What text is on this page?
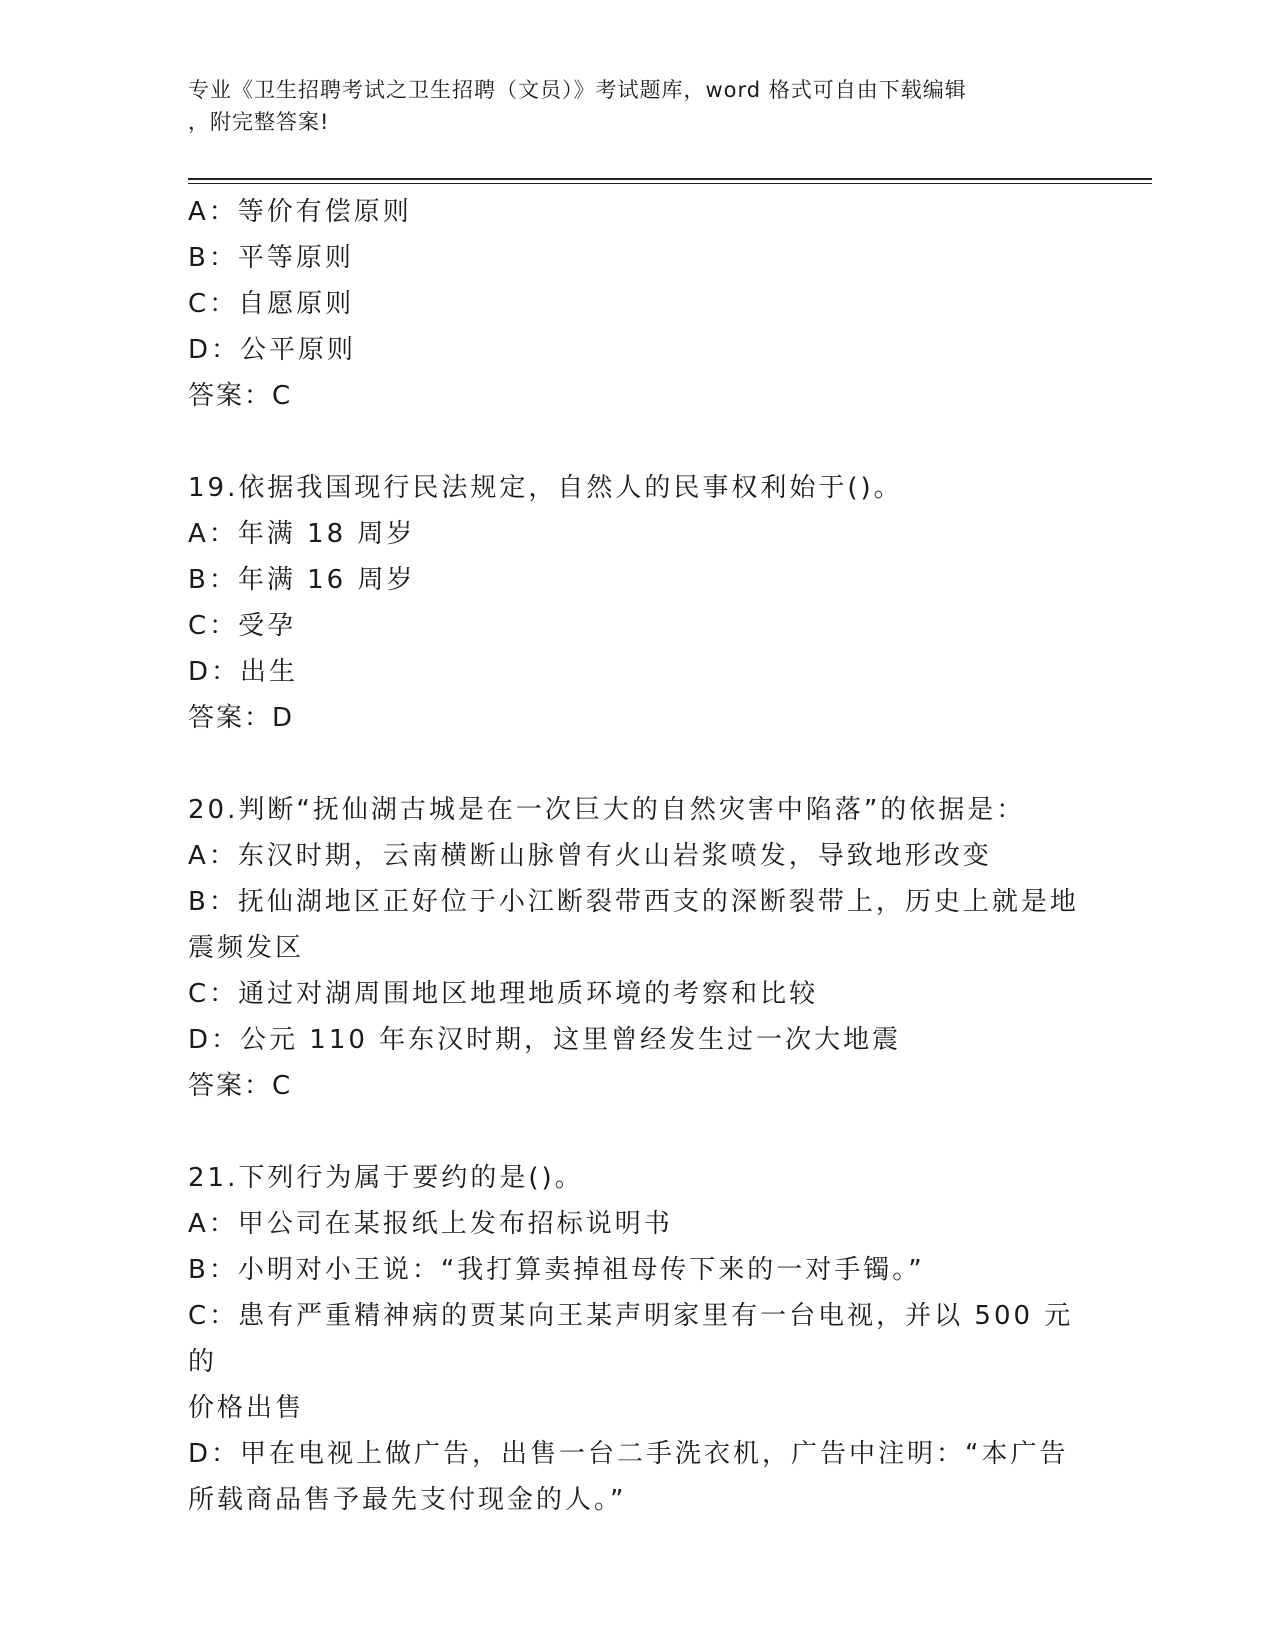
专业《卫生招聘考试之卫生招聘（文员）》考试题库，word 格式可自由下载编辑
，附完整答案!
A：等价有偿原则
B：平等原则
C：自愿原则
D：公平原则
答案：C
19.依据我国现行民法规定，自然人的民事权利始于()。
A：年满 18 周岁
B：年满 16 周岁
C：受孕
D：出生
答案：D
20.判断“抚仙湖古城是在一次巨大的自然灾害中陷落”的依据是：
A：东汉时期，云南横断山脉曾有火山岩浆喷发，导致地形改变
B：抚仙湖地区正好位于小江断裂带西支的深断裂带上，历史上就是地
震频发区
C：通过对湖周围地区地理地质环境的考察和比较
D：公元 110 年东汉时期，这里曾经发生过一次大地震
答案：C
21.下列行为属于要约的是()。
A：甲公司在某报纸上发布招标说明书
B：小明对小王说：“我打算卖掉祖母传下来的一对手镯。”
C：患有严重精神病的贾某向王某声明家里有一台电视，并以 500 元的
价格出售
D：甲在电视上做广告，出售一台二手洗衣机，广告中注明：“本广告
所载商品售予最先支付现金的人。”
